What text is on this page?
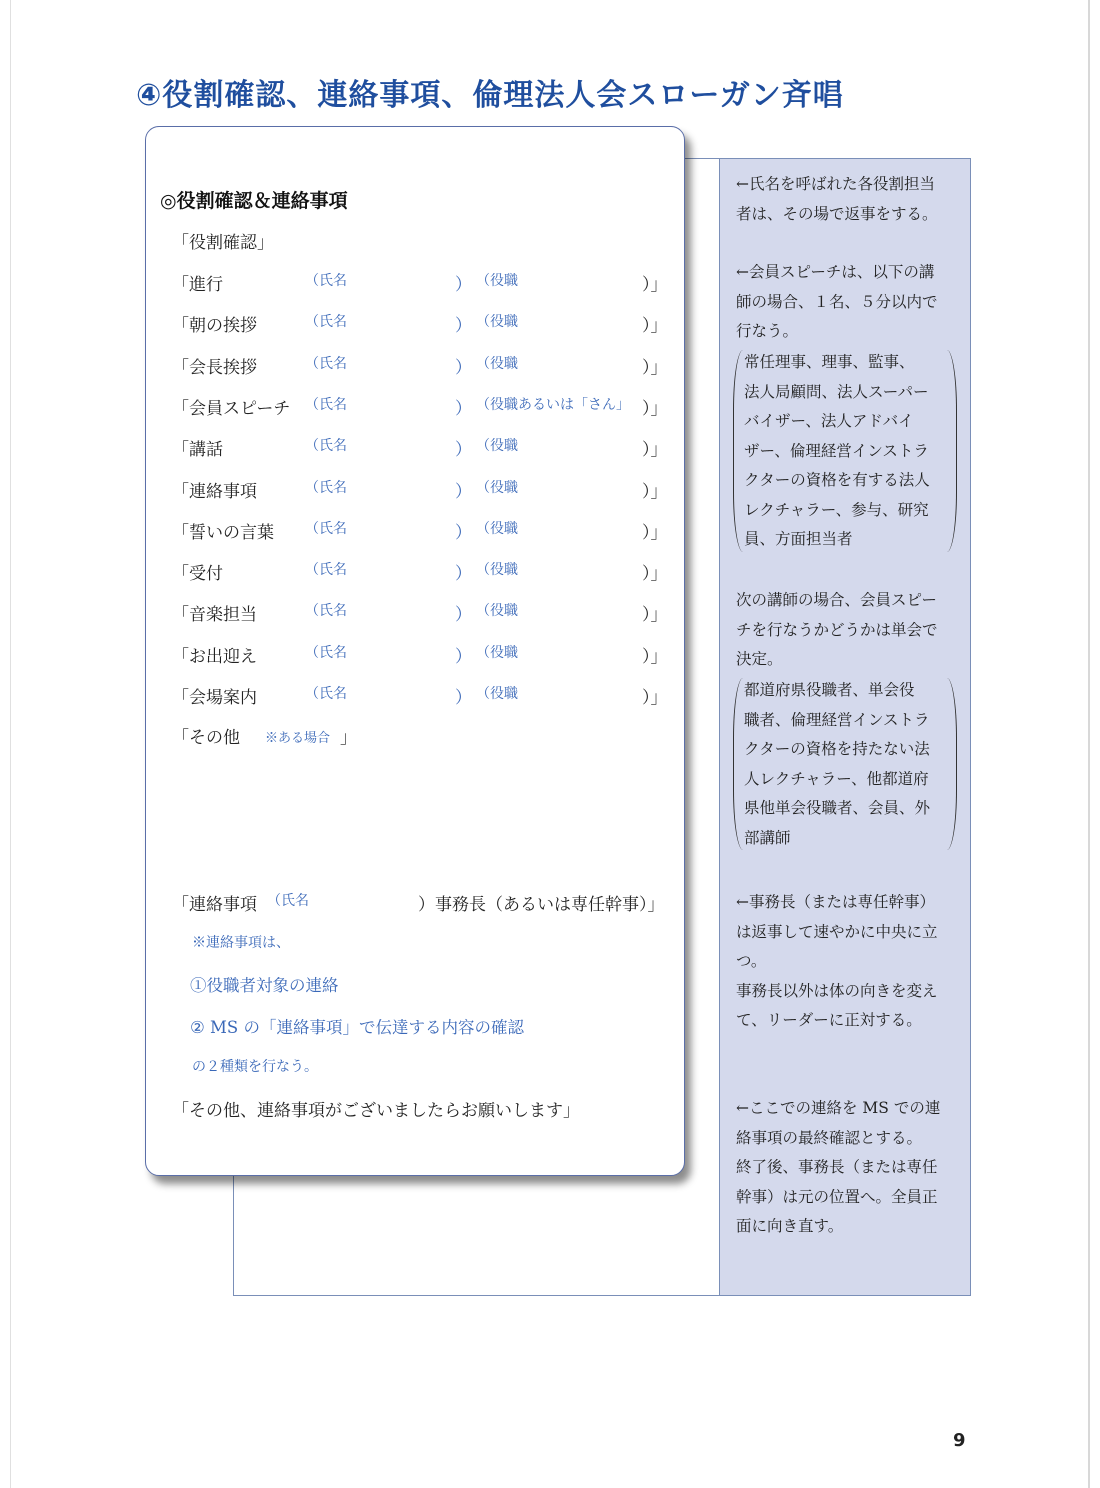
④役割確認、連絡事項、倫理法人会スローガン斉唱
◎役割確認＆連絡事項
「役割確認」
「進行	（氏名	） （役職	）」
「朝の挨拶	（氏名	） （役職	）」
「会長挨拶	（氏名	） （役職	）」
「会員スピーチ （氏名	） （役職あるいは「さん」 ）」
「講話	（氏名	） （役職	）」
「連絡事項	（氏名	） （役職	）」
「誓いの言葉 （氏名	） （役職	）」
「受付	（氏名	） （役職	）」
「音楽担当	（氏名	） （役職	）」
「お出迎え	（氏名	） （役職	）」
「会場案内	（氏名	） （役職	）」
「その他 ※ある場合 」
「連絡事項 （氏名	）事務長（あるいは専任幹事）」
※連絡事項は、
①役職者対象の連絡
② MS の「連絡事項」で伝達する内容の確認
の２種類を行なう。
「その他、連絡事項がございましたらお願いします」
←氏名を呼ばれた各役割担当
者は、その場で返事をする。
←会員スピーチは、以下の講
師の場合、１名、５分以内で
行なう。
常任理事、理事、監事、
法人局顧問、法人スーパー
バイザー、法人アドバイ
ザー、倫理経営インストラ
クターの資格を有する法人
レクチャラー、参与、研究
員、方面担当者
次の講師の場合、会員スピー
チを行なうかどうかは単会で
決定。
都道府県役職者、単会役
職者、倫理経営インストラ
クターの資格を持たない法
人レクチャラー、他都道府
県他単会役職者、会員、外
部講師
←事務長（または専任幹事）
は返事して速やかに中央に立
つ。
事務長以外は体の向きを変え
て、リーダーに正対する。
←ここでの連絡を MS での連
絡事項の最終確認とする。
終了後、事務長（または専任
幹事）は元の位置へ。全員正
面に向き直す。
9
